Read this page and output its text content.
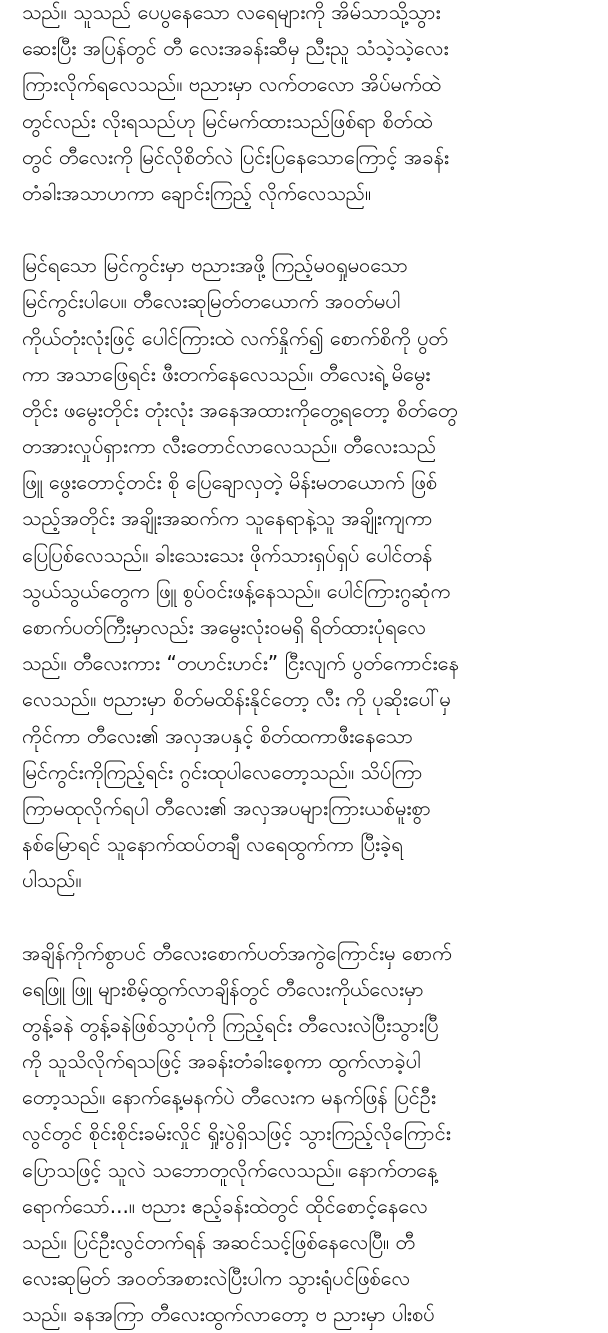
သည်။ သူသည် ပေပွနေသော လရေများကို အိမ်သာသို့သွား
ဆေးပြီး အပြန်တွင် တီ လေးအခန်းဆီမှ ညီးညူ သံသဲ့သဲ့လေး
ကြားလိုက်ရလေသည်။ ဗညားမှာ လက်တလော အိပ်မက်ထဲ
တွင်လည်း လိုးရသည်ဟု မြင်မက်ထားသည်ဖြစ်ရာ စိတ်ထဲ
တွင် တီလေးကို မြင်လိုစိတ်လဲ ပြင်းပြနေသောကြောင့် အခန်း
တံခါးအသာဟကာ ချောင်းကြည့် လိုက်လေသည်။
မြင်ရသော မြင်ကွင်းမှာ ဗညားအဖို့ ကြည့်မဝရှုမဝသော
မြင်ကွင်းပါပေ။ တီလေးဆုမြတ်တယောက် အဝတ်မပါ
ကိုယ်တုံးလုံးဖြင့် ပေါင်ကြားထဲ လက်နှိုက်၍ စောက်စိကို ပွတ်
ကာ အသာဖြေရင်း ဖီးတက်နေလေသည်။ တီလေးရဲ့ မိမွေး
တိုင်း ဖမွေးတိုင်း တုံးလုံး အနေအထားကိုတွေ့ရတော့ စိတ်တွေ
တအားလှုပ်ရှားကာ လီးတောင်လာလေသည်။ တီလေးသည်
ဖြူ ဖွေးတောင့်တင်း စို ပြေချောလှတဲ့ မိန်းမတယောက် ဖြစ်
သည့်အတိုင်း အချိုးအဆက်က သူနေရာနဲ့သူ အချိုးကျကာ
ပြေပြစ်လေသည်။ ခါးသေးသေး ဖိုက်သားရှပ်ရှပ် ပေါင်တန်
သွယ်သွယ်တွေက ဖြူ စွပ်ဝင်းဖန့်နေသည်။ ပေါင်ကြားဂွဆုံက
စောက်ပတ်ကြီးမှာလည်း အမွေးလုံးဝမရှိ ရိတ်ထားပုံရလေ
သည်။ တီလေးကား “တဟင်းဟင်း” ငြီးလျက် ပွတ်ကောင်းနေ
လေသည်။ ဗညားမှာ စိတ်မထိန်းနိုင်တော့ လီး ကို ပုဆိုးပေါ်မှ
ကိုင်ကာ တီလေး၏ အလှအပနှင့် စိတ်ထကာဖီးနေသော
မြင်ကွင်းကိုကြည့်ရင်း ဂွင်းထုပါလေတော့သည်။ သိပ်ကြာ
ကြာမထုလိုက်ရပါ တီလေး၏ အလှအပများကြားယစ်မူးစွာ
နစ်မြောရင် သူနောက်ထပ်တချီ လရေထွက်ကာ ပြီးခဲ့ရ
ပါသည်။
အချိန်ကိုက်စွာပင် တီလေးစောက်ပတ်အကွဲကြောင်းမှ စောက်
ရေဖြူ ဖြူ များစိမ့်ထွက်လာချိန်တွင် တီလေးကိုယ်လေးမှာ
တွန့်ခနဲ တွန့်ခနဲဖြစ်သွာပုံကို ကြည့်ရင်း တီလေးလဲပြီးသွားပြီ
ကို သူသိလိုက်ရသဖြင့် အခန်းတံခါးစေ့ကာ ထွက်လာခဲ့ပါ
တော့သည်။ နောက်နေ့မနက်ပဲ တီလေးက မနက်ဖြန် ပြင်ဦး
လွင်တွင် စိုင်းစိုင်းခမ်းလှိုင် ရှိုးပွဲရှိသဖြင့် သွားကြည့်လိုကြောင်း
ပြောသဖြင့် သူလဲ သဘောတူလိုက်လေသည်။ နောက်တနေ့
ရောက်သော်...။ ဗညား ဧည့်ခန်းထဲတွင် ထိုင်စောင့်နေလေ
သည်။ ပြင်ဦးလွင်တက်ရန် အဆင်သင့်ဖြစ်နေလေပြီ။ တီ
လေးဆုမြတ် အဝတ်အစားလဲပြီးပါက သွားရုံပင်ဖြစ်လေ
သည်။ ခနအကြာ တီလေးထွက်လာတော့ ဗ ညားမှာ ပါးစပ်
